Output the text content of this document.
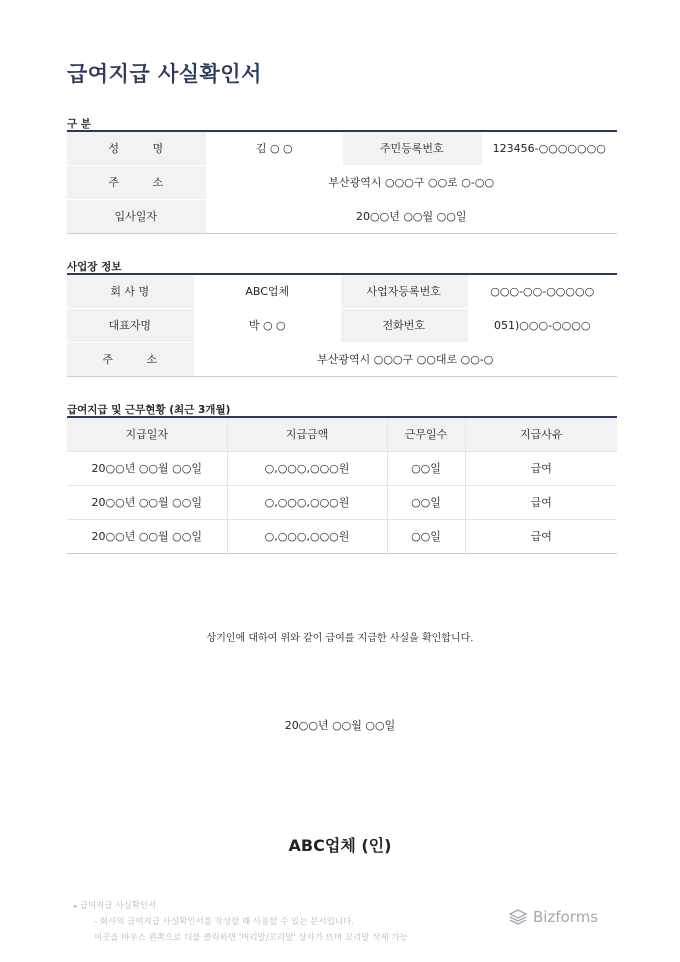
급여지급 사실확인서
구 분
성 명	김 ○ ○	주민등록번호	123456-○○○○○○○
주 소	부산광역시 ○○○구 ○○로 ○-○○		
입사일자	20○○년 ○○월 ○○일		
사업장 정보
회 사 명	ABC업체	사업자등록번호	○○○-○○-○○○○○
대표자명	박 ○ ○	전화번호	051)○○○-○○○○
주 소	부산광역시 ○○○구 ○○대로 ○○-○		
급여지급 및 근무현황 (최근 3개월)
지급일자	지급금액	근무일수	지급사유
20○○년 ○○월 ○○일	○,○○○,○○○원	○○일	급여
20○○년 ○○월 ○○일	○,○○○,○○○원	○○일	급여
20○○년 ○○월 ○○일	○,○○○,○○○원	○○일	급여
상기인에 대하여 위와 같이 급여를 지급한 사실을 확인합니다.
20○○년 ○○월 ○○일
ABC업체 (인)
▸ 급여지급 사실확인서
- 회사의 급여지급 사실확인서를 작성할 때 사용할 수 있는 문서입니다.
이곳을 마우스 왼쪽으로 더블 클릭하면 '머리말/꼬리말' 상자가 뜨며 꼬리말 삭제 가능
Bizforms
